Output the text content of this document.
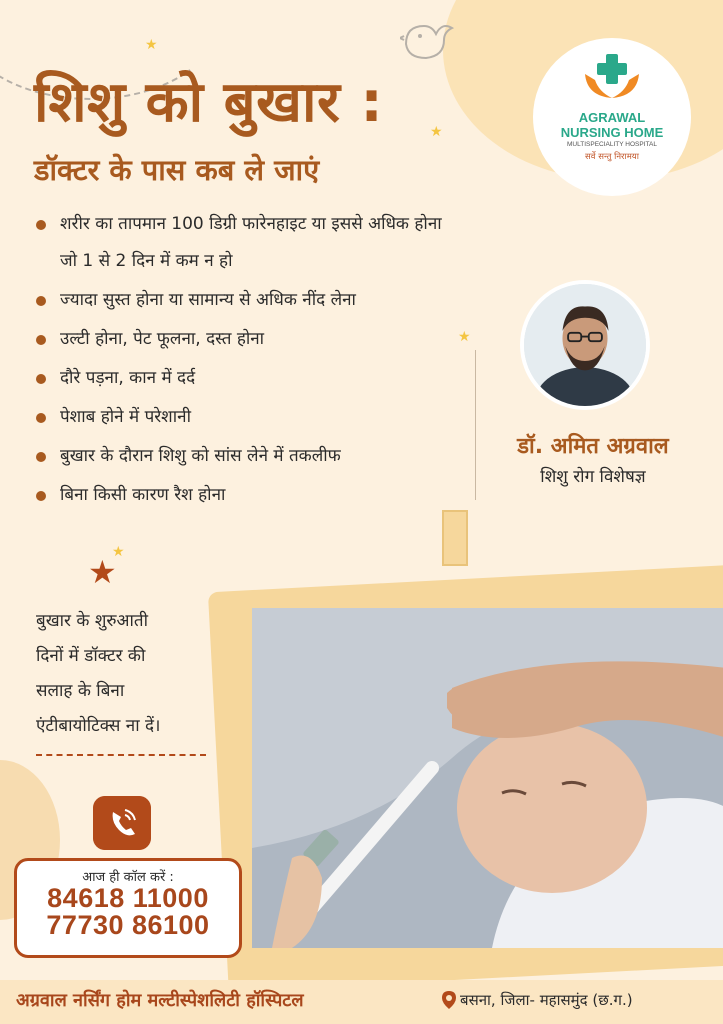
★
★
★
★
शिशु को बुखार :
डॉक्टर के पास कब ले जाएं
AGRAWAL
NURSING HOME
MULTISPECIALITY HOSPITAL
सर्वे सन्तु निरामया
शरीर का तापमान 100 डिग्री फारेनहाइट या इससे अधिक होना
जो 1 से 2 दिन में कम न हो
ज्यादा सुस्त होना या सामान्य से अधिक नींद लेना
उल्टी होना, पेट फूलना, दस्त होना
दौरे पड़ना, कान में दर्द
पेशाब होने में परेशानी
बुखार के दौरान शिशु को सांस लेने में तकलीफ
बिना किसी कारण रैश होना
डॉ. अमित अग्रवाल
शिशु रोग विशेषज्ञ
★
बुखार के शुरुआती
दिनों में डॉक्टर की
सलाह के बिना
एंटीबायोटिक्स ना दें।
आज ही कॉल करें :
84618 11000
77730 86100
अग्रवाल नर्सिंग होम मल्टीस्पेशलिटी हॉस्पिटल	बसना, जिला- महासमुंद (छ.ग.)
